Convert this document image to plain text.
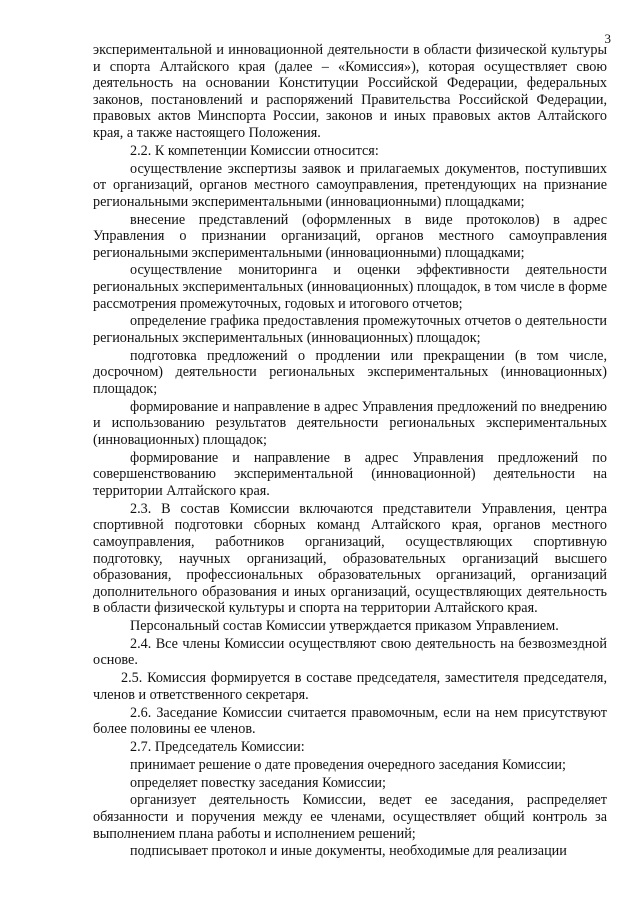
3

экспериментальной и инновационной деятельности в области физической культуры и спорта Алтайского края (далее – «Комиссия»), которая осуществляет свою деятельность на основании Конституции Российской Федерации, федеральных законов, постановлений и распоряжений Правительства Российской Федерации, правовых актов Минспорта России, законов и иных правовых актов Алтайского края, а также настоящего Положения.

2.2. К компетенции Комиссии относится:

осуществление экспертизы заявок и прилагаемых документов, поступивших от организаций, органов местного самоуправления, претендующих на признание региональными экспериментальными (инновационными) площадками;

внесение представлений (оформленных в виде протоколов) в адрес Управления о признании организаций, органов местного самоуправления региональными экспериментальными (инновационными) площадками;

осуществление мониторинга и оценки эффективности деятельности региональных экспериментальных (инновационных) площадок, в том числе в форме рассмотрения промежуточных, годовых и итогового отчетов;

определение графика предоставления промежуточных отчетов о деятельности региональных экспериментальных (инновационных) площадок;

подготовка предложений о продлении или прекращении (в том числе, досрочном) деятельности региональных экспериментальных (инновационных) площадок;

формирование и направление в адрес Управления предложений по внедрению и использованию результатов деятельности региональных экспериментальных (инновационных) площадок;

формирование и направление в адрес Управления предложений по совершенствованию экспериментальной (инновационной) деятельности на территории Алтайского края.

2.3. В состав Комиссии включаются представители Управления, центра спортивной подготовки сборных команд Алтайского края, органов местного самоуправления, работников организаций, осуществляющих спортивную подготовку, научных организаций, образовательных организаций высшего образования, профессиональных образовательных организаций, организаций дополнительного образования и иных организаций, осуществляющих деятельность в области физической культуры и спорта на территории Алтайского края.

Персональный состав Комиссии утверждается приказом Управлением.

2.4. Все члены Комиссии осуществляют свою деятельность на безвозмездной основе.

2.5. Комиссия формируется в составе председателя, заместителя председателя, членов и ответственного секретаря.

2.6. Заседание Комиссии считается правомочным, если на нем присутствуют более половины ее членов.

2.7. Председатель Комиссии:

принимает решение о дате проведения очередного заседания Комиссии;

определяет повестку заседания Комиссии;

организует деятельность Комиссии, ведет ее заседания, распределяет обязанности и поручения между ее членами, осуществляет общий контроль за выполнением плана работы и исполнением решений;

подписывает протокол и иные документы, необходимые для реализации
